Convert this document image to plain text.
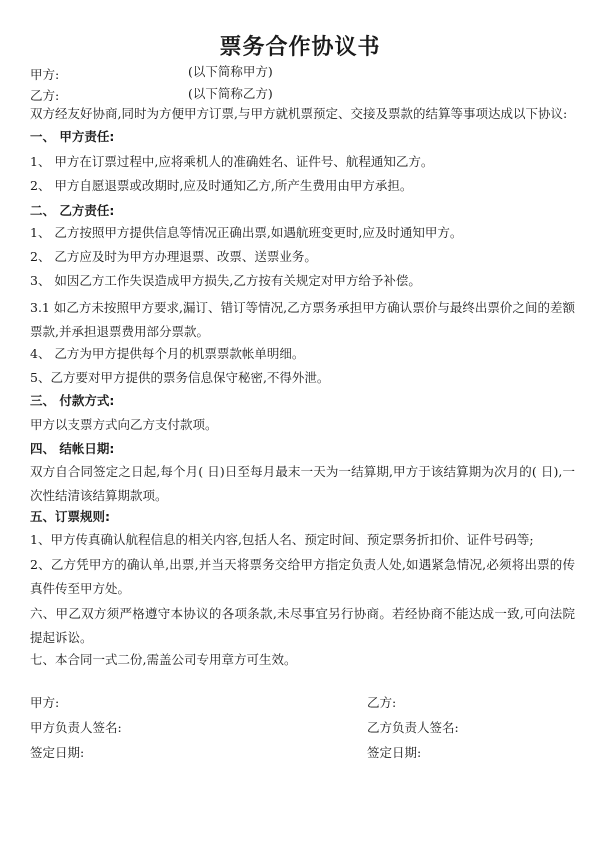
票务合作协议书
甲方:	(以下简称甲方)
乙方:	(以下简称乙方)
双方经友好协商,同时为方便甲方订票,与甲方就机票预定、交接及票款的结算等事项达成以下协议:
一、 甲方责任:
1、 甲方在订票过程中,应将乘机人的准确姓名、证件号、航程通知乙方。
2、 甲方自愿退票或改期时,应及时通知乙方,所产生费用由甲方承担。
二、 乙方责任:
1、 乙方按照甲方提供信息等情况正确出票,如遇航班变更时,应及时通知甲方。
2、 乙方应及时为甲方办理退票、改票、送票业务。
3、 如因乙方工作失误造成甲方损失,乙方按有关规定对甲方给予补偿。
3.1 如乙方未按照甲方要求,漏订、错订等情况,乙方票务承担甲方确认票价与最终出票价之间的差额票款,并承担退票费用部分票款。
4、 乙方为甲方提供每个月的机票票款帐单明细。
5、乙方要对甲方提供的票务信息保守秘密,不得外泄。
三、 付款方式:
甲方以支票方式向乙方支付款项。
四、 结帐日期:
双方自合同签定之日起,每个月( 日)日至每月最末一天为一结算期,甲方于该结算期为次月的( 日),一次性结清该结算期款项。
五、订票规则:
1、甲方传真确认航程信息的相关内容,包括人名、预定时间、预定票务折扣价、证件号码等;
2、乙方凭甲方的确认单,出票,并当天将票务交给甲方指定负责人处,如遇紧急情况,必须将出票的传真件传至甲方处。
六、甲乙双方须严格遵守本协议的各项条款,未尽事宜另行协商。若经协商不能达成一致,可向法院提起诉讼。
七、本合同一式二份,需盖公司专用章方可生效。
甲方:
甲方负责人签名:
签定日期:
乙方:
乙方负责人签名:
签定日期:
